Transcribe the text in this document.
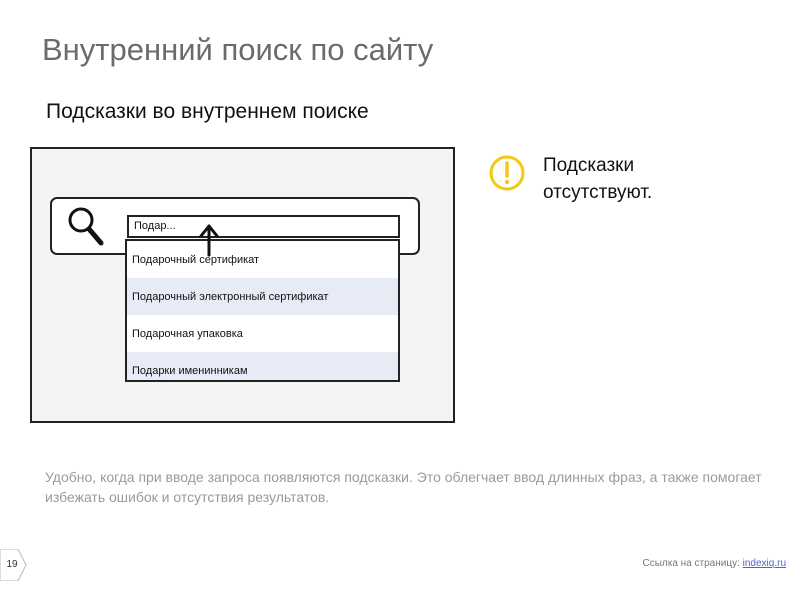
Внутренний поиск по сайту
Подсказки во внутреннем поиске
Подар...
Подарочный сертификат
Подарочный электронный сертификат
Подарочная упаковка
Подарки именинникам
Подсказки отсутствуют.
Удобно, когда при вводе запроса появляются подсказки. Это облегчает ввод длинных фраз, а также помогает избежать ошибок и отсутствия результатов.
19	Ссылка на страницу: indexiq.ru
